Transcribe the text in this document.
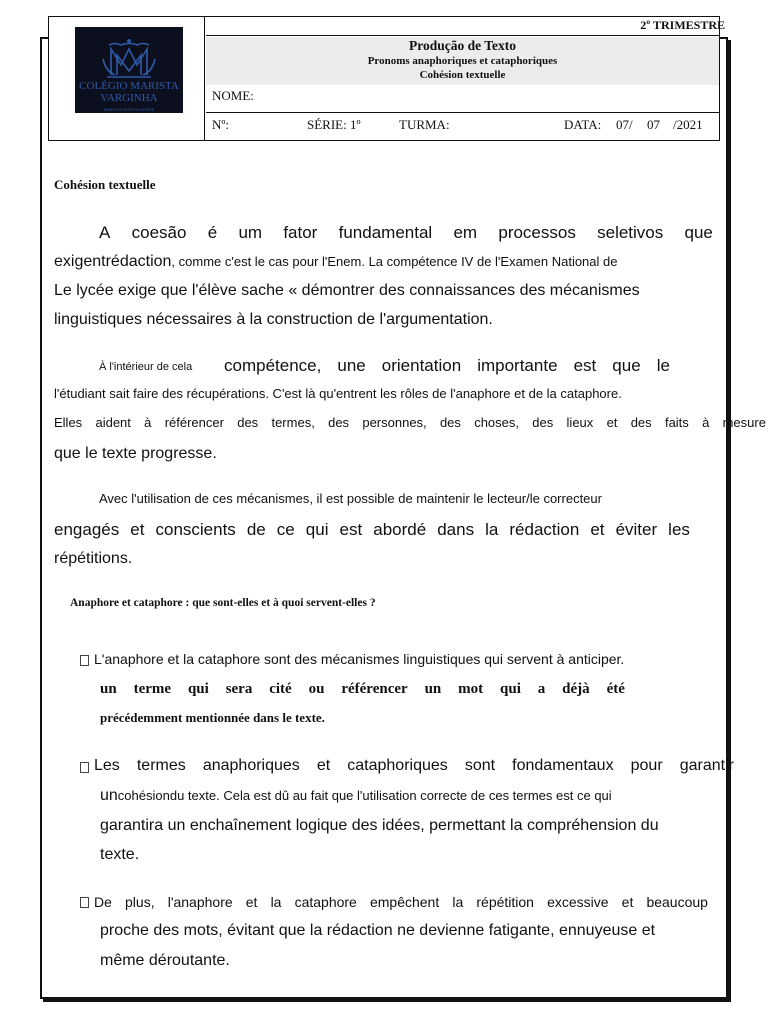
COLÉGIO MARISTA
VARGINHA
MARISTA CENTRO-NORTE
2º TRIMESTRE
Produção de Texto
Pronoms anaphoriques et cataphoriques
Cohésion textuelle
NOME:
Nº:	SÉRIE: 1º	TURMA:	DATA: 07/ 07 /2021
Cohésion textuelle
A coesão é um fator fundamental em processos seletivos que
exigentrédaction, comme c'est le cas pour l'Enem. La compétence IV de l'Examen National de
Le lycée exige que l'élève sache « démontrer des connaissances des mécanismes
linguistiques nécessaires à la construction de l'argumentation.
À l'intérieur de cela compétence, une orientation importante est que le
l'étudiant sait faire des récupérations. C'est là qu'entrent les rôles de l'anaphore et de la cataphore.
Elles aident à référencer des termes, des personnes, des choses, des lieux et des faits à mesure
que le texte progresse.
Avec l'utilisation de ces mécanismes, il est possible de maintenir le lecteur/le correcteur
engagés et conscients de ce qui est abordé dans la rédaction et éviter les
répétitions.
Anaphore et cataphore : que sont-elles et à quoi servent-elles ?
L'anaphore et la cataphore sont des mécanismes linguistiques qui servent à anticiper.
un terme qui sera cité ou référencer un mot qui a déjà été
précédemment mentionnée dans le texte.
Les termes anaphoriques et cataphoriques sont fondamentaux pour garantir
uncohésiondu texte. Cela est dû au fait que l'utilisation correcte de ces termes est ce qui
garantira un enchaînement logique des idées, permettant la compréhension du
texte.
De plus, l'anaphore et la cataphore empêchent la répétition excessive et beaucoup
proche des mots, évitant que la rédaction ne devienne fatigante, ennuyeuse et
même déroutante.
